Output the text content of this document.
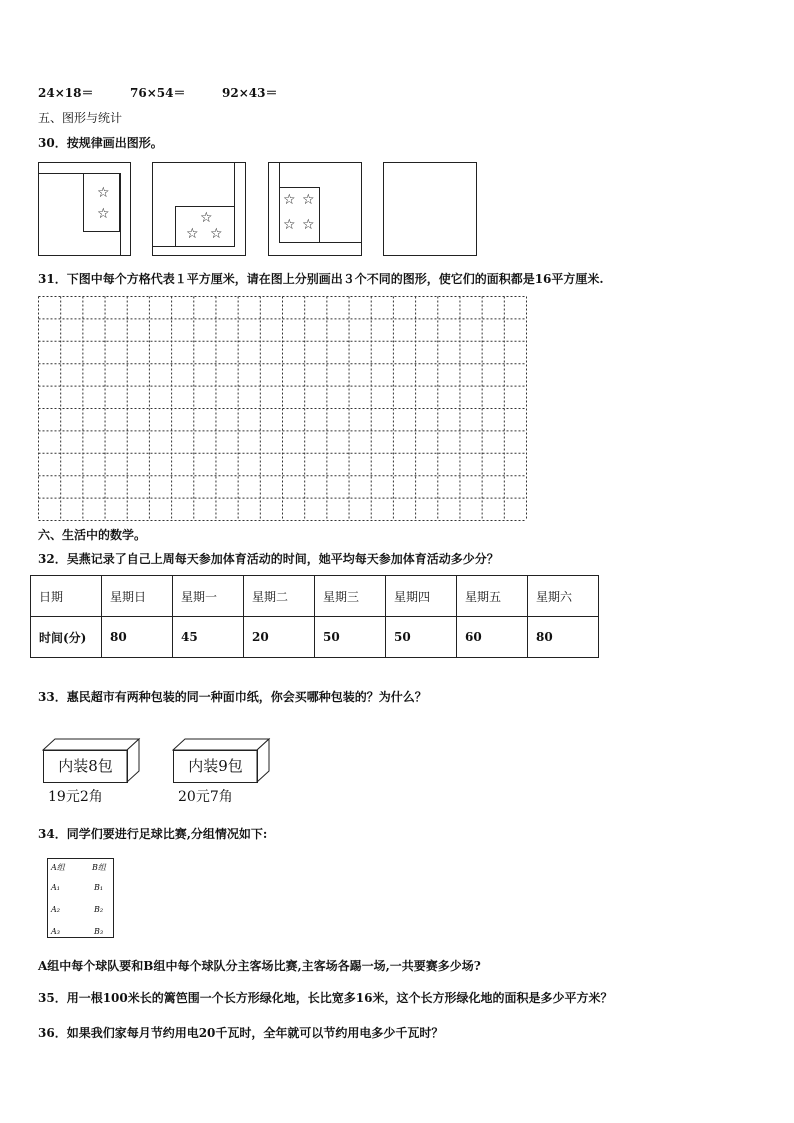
24×18＝	76×54＝	92×43＝
五、图形与统计
30．按规律画出图形。
☆
☆	☆
☆ ☆
☆ ☆
☆ ☆
31．下图中每个方格代表１平方厘米，请在图上分别画出３个不同的图形，使它们的面积都是16平方厘米.
六、生活中的数学。
32．吴燕记录了自己上周每天参加体育活动的时间，她平均每天参加体育活动多少分？
日期	星期日	星期一	星期二	星期三	星期四	星期五	星期六
时间(分)	80	45	20	50	50	60	80
33．惠民超市有两种包装的同一种面巾纸，你会买哪种包装的？为什么？
内装8包
19元2角
内装9包
20元7角
34．同学们要进行足球比赛,分组情况如下:
A组	B组
A₁	B₁
A₂	B₂
A₃	B₃
A组中每个球队要和B组中每个球队分主客场比赛,主客场各踢一场,一共要赛多少场?
35．用一根100米长的篱笆围一个长方形绿化地，长比宽多16米，这个长方形绿化地的面积是多少平方米？
36．如果我们家每月节约用电20千瓦时，全年就可以节约用电多少千瓦时？
